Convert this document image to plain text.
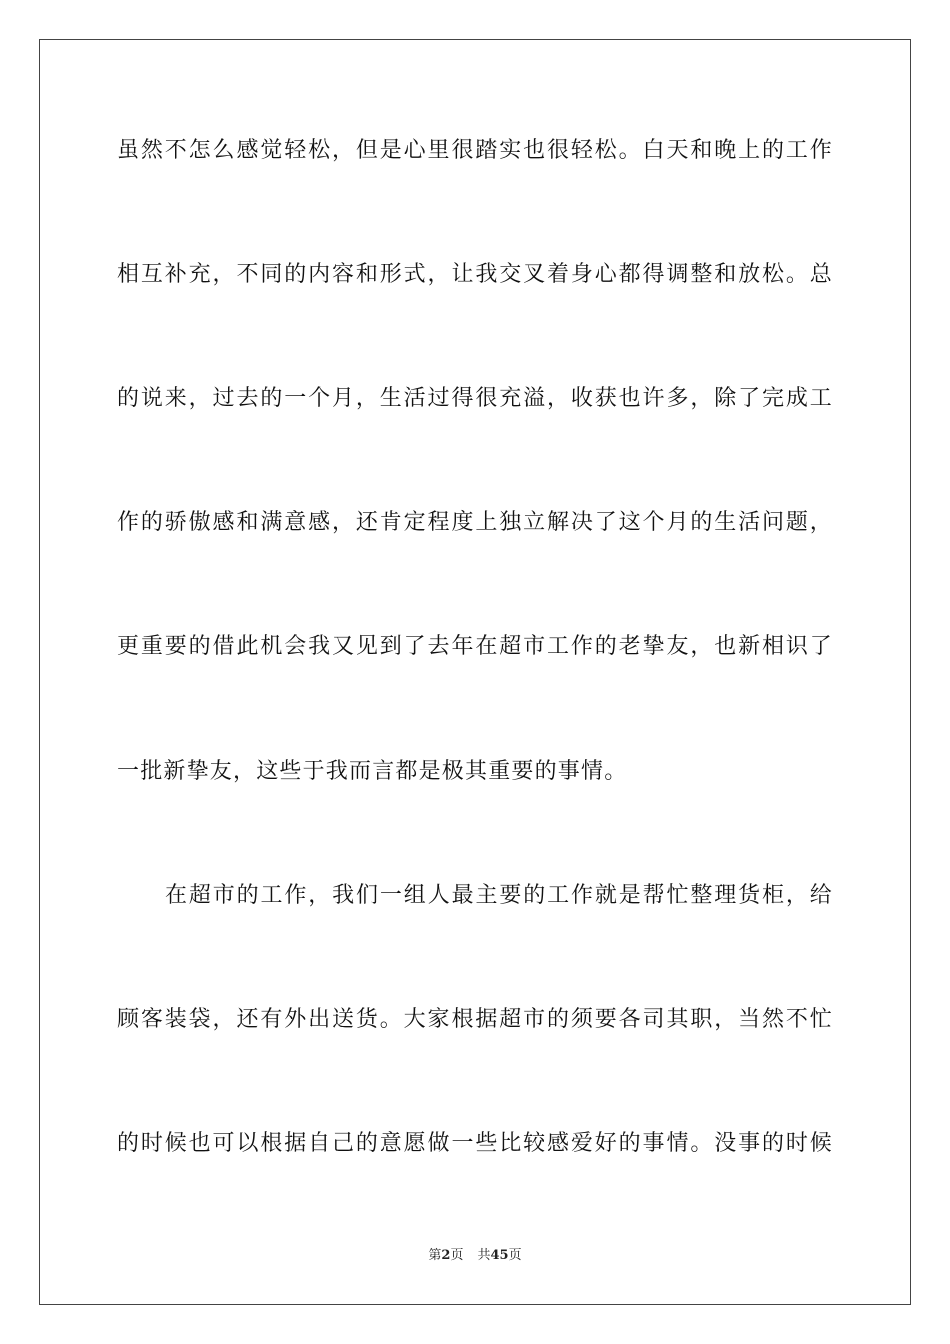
虽然不怎么感觉轻松，但是心里很踏实也很轻松。白天和晚上的工作
相互补充，不同的内容和形式，让我交叉着身心都得调整和放松。总
的说来，过去的一个月，生活过得很充溢，收获也许多，除了完成工
作的骄傲感和满意感，还肯定程度上独立解决了这个月的生活问题，
更重要的借此机会我又见到了去年在超市工作的老挚友，也新相识了
一批新挚友，这些于我而言都是极其重要的事情。
在超市的工作，我们一组人最主要的工作就是帮忙整理货柜，给
顾客装袋，还有外出送货。大家根据超市的须要各司其职，当然不忙
的时候也可以根据自己的意愿做一些比较感爱好的事情。没事的时候
第2页 共45页
